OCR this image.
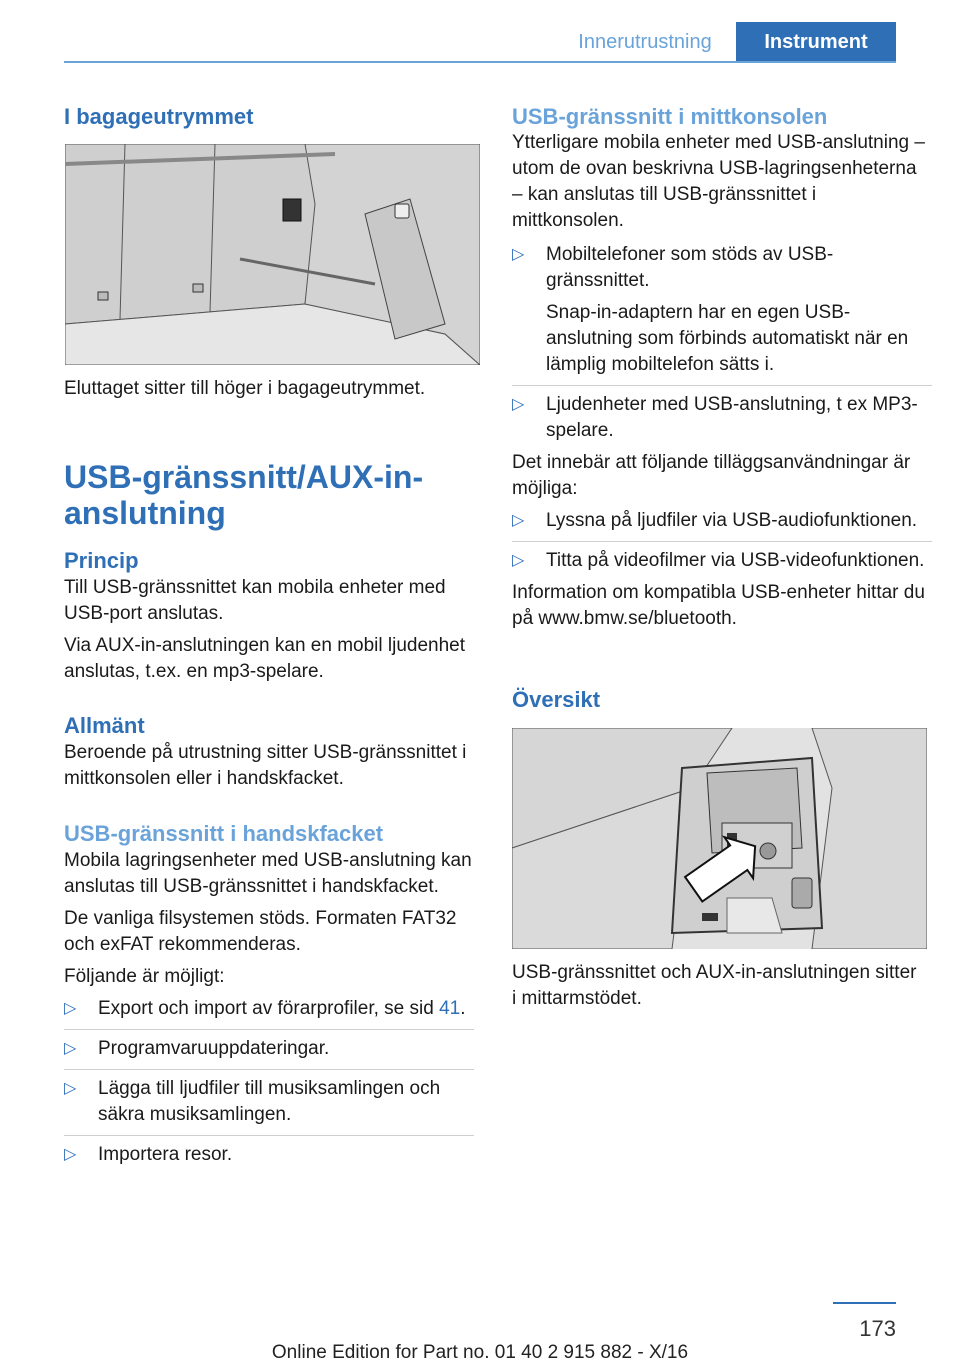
Innerutrustning	Instrument
I bagageutrymmet

Eluttaget sitter till höger i bagageutrymmet.

USB-gränssnitt/AUX-in-anslutning
Princip

Till USB-gränssnittet kan mobila enheter med USB-port anslutas.

Via AUX-in-anslutningen kan en mobil ljudenhet anslutas, t.ex. en mp3-spelare.

Allmänt

Beroende på utrustning sitter USB-gränssnittet i mittkonsolen eller i handskfacket.

USB-gränssnitt i handskfacket

Mobila lagringsenheter med USB-anslutning kan anslutas till USB-gränssnittet i handskfacket.

De vanliga filsystemen stöds. Formaten FAT32 och exFAT rekommenderas.

Följande är möjligt:

▷ Export och import av förarprofiler, se sid 41.
▷ Programvaruuppdateringar.
▷ Lägga till ljudfiler till musiksamlingen och säkra musiksamlingen.
▷ Importera resor.
USB-gränssnitt i mittkonsolen

Ytterligare mobila enheter med USB-anslutning – utom de ovan beskrivna USB-lagringsenheterna – kan anslutas till USB-gränssnittet i mittkonsolen.

▷ Mobiltelefoner som stöds av USB-gränssnittet.
Snap-in-adaptern har en egen USB-anslutning som förbinds automatiskt när en lämplig mobiltelefon sätts i.
▷ Ljudenheter med USB-anslutning, t ex MP3-spelare.

Det innebär att följande tilläggsanvändningar är möjliga:

▷ Lyssna på ljudfiler via USB-audiofunktionen.
▷ Titta på videofilmer via USB-videofunktionen.

Information om kompatibla USB-enheter hittar du på www.bmw.se/bluetooth.

Översikt

USB-gränssnittet och AUX-in-anslutningen sitter i mittarmstödet.

173
Online Edition for Part no. 01 40 2 915 882 - X/16
